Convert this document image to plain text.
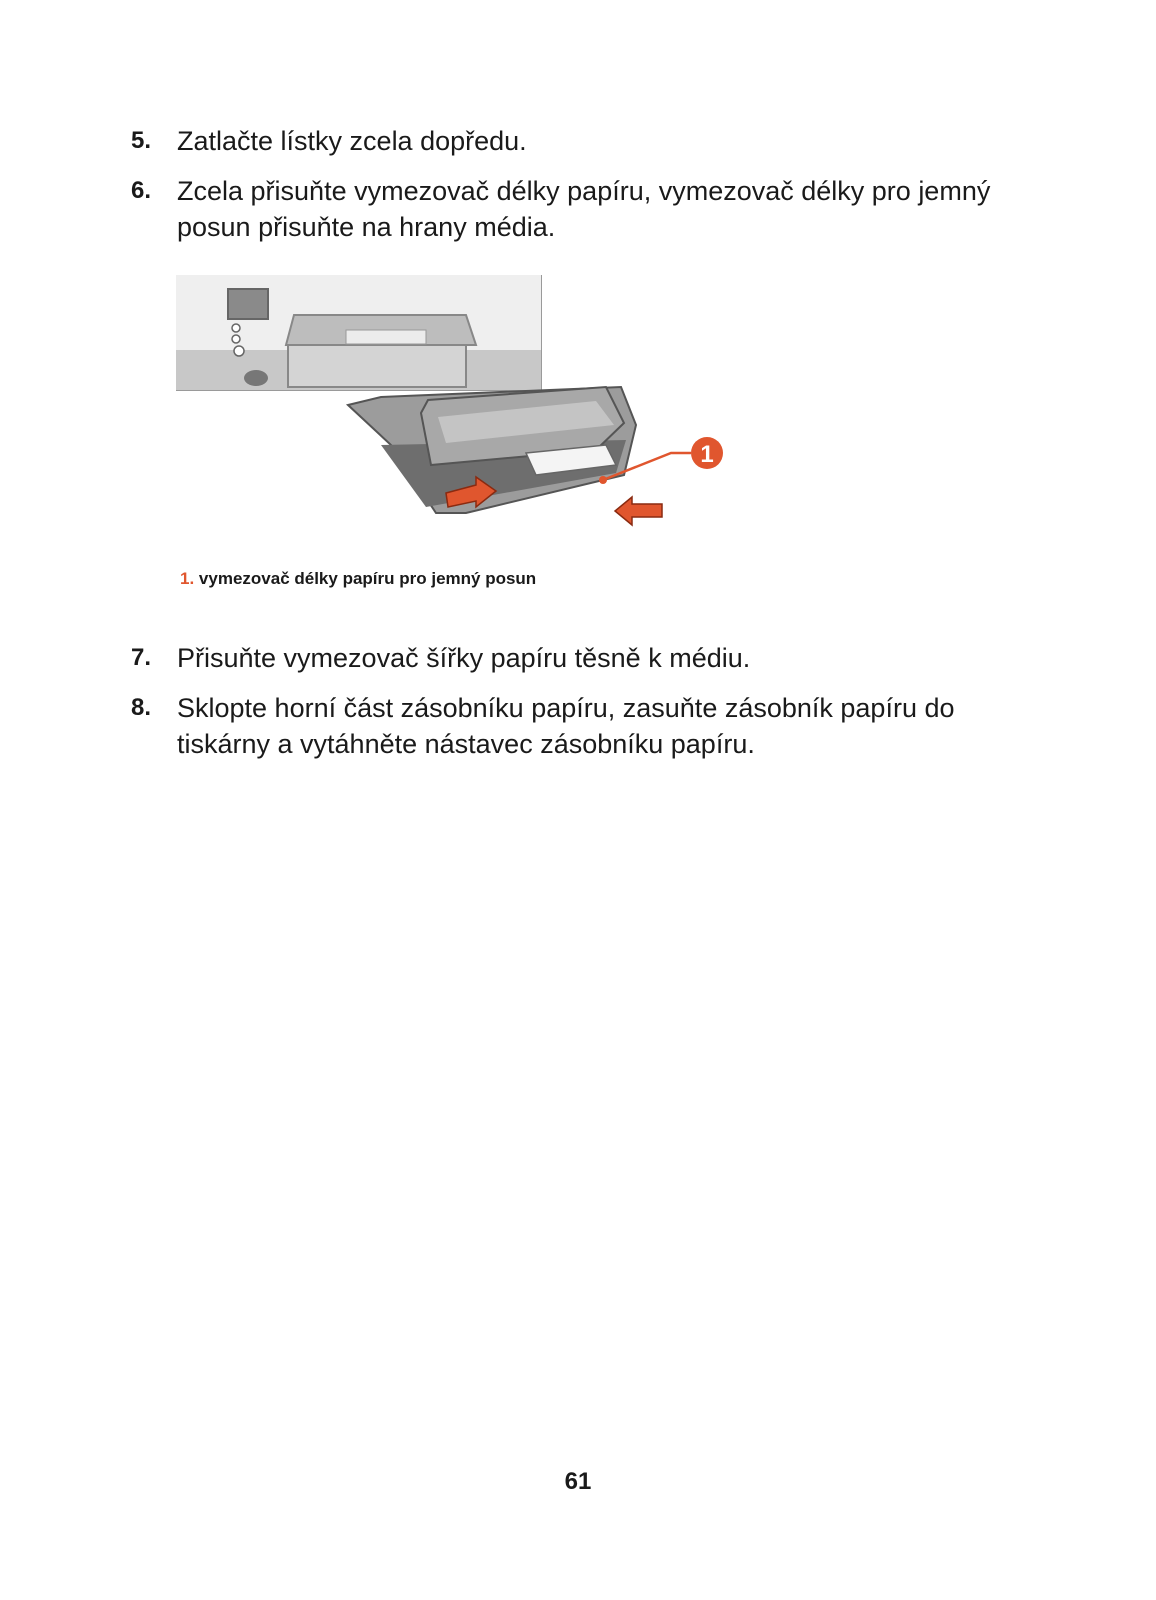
5. Zatlačte lístky zcela dopředu.
6. Zcela přisuňte vymezovač délky papíru, vymezovač délky pro jemný posun přisuňte na hrany média.
1
1. vymezovač délky papíru pro jemný posun
7. Přisuňte vymezovač šířky papíru těsně k médiu.
8. Sklopte horní část zásobníku papíru, zasuňte zásobník papíru do tiskárny a vytáhněte nástavec zásobníku papíru.
61
